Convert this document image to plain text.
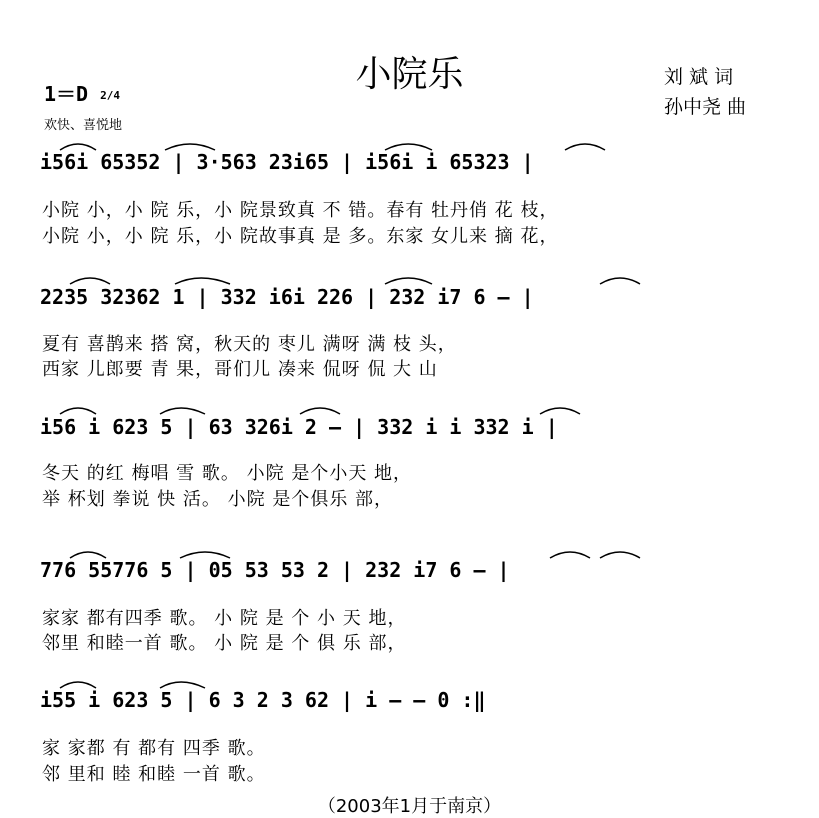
小院乐
1＝D 2/4
欢快、喜悦地
刘 斌 词
孙中尧 曲
i56i 65352 | 3·563 23i65 | i56i i 65323 |
小院 小，小 院 乐，小 院景致真 不 错。春有 牡丹俏 花 枝，
小院 小，小 院 乐，小 院故事真 是 多。东家 女儿来 摘 花，
2235 32362 1 | 332 i6i 226 | 232 i7 6 — |
夏有 喜鹊来 搭 窝，秋天的 枣儿 满呀 满 枝 头，
西家 儿郎要 青 果，哥们儿 凑来 侃呀 侃 大 山
i56 i 623 5 | 63 326i 2 — | 332 i i 332 i |
冬天 的红 梅唱 雪 歌。 小院 是个小天 地，
举 杯划 拳说 快 活。 小院 是个俱乐 部，
776 55776 5 | 05 53 53 2 | 232 i7 6 — |
家家 都有四季 歌。 小 院 是 个 小 天 地，
邻里 和睦一首 歌。 小 院 是 个 俱 乐 部，
i55 i 623 5 | 6 3 2 3 62 | i — — 0 :‖
家 家都 有 都有 四季 歌。
邻 里和 睦 和睦 一首 歌。
（2003年1月于南京）
